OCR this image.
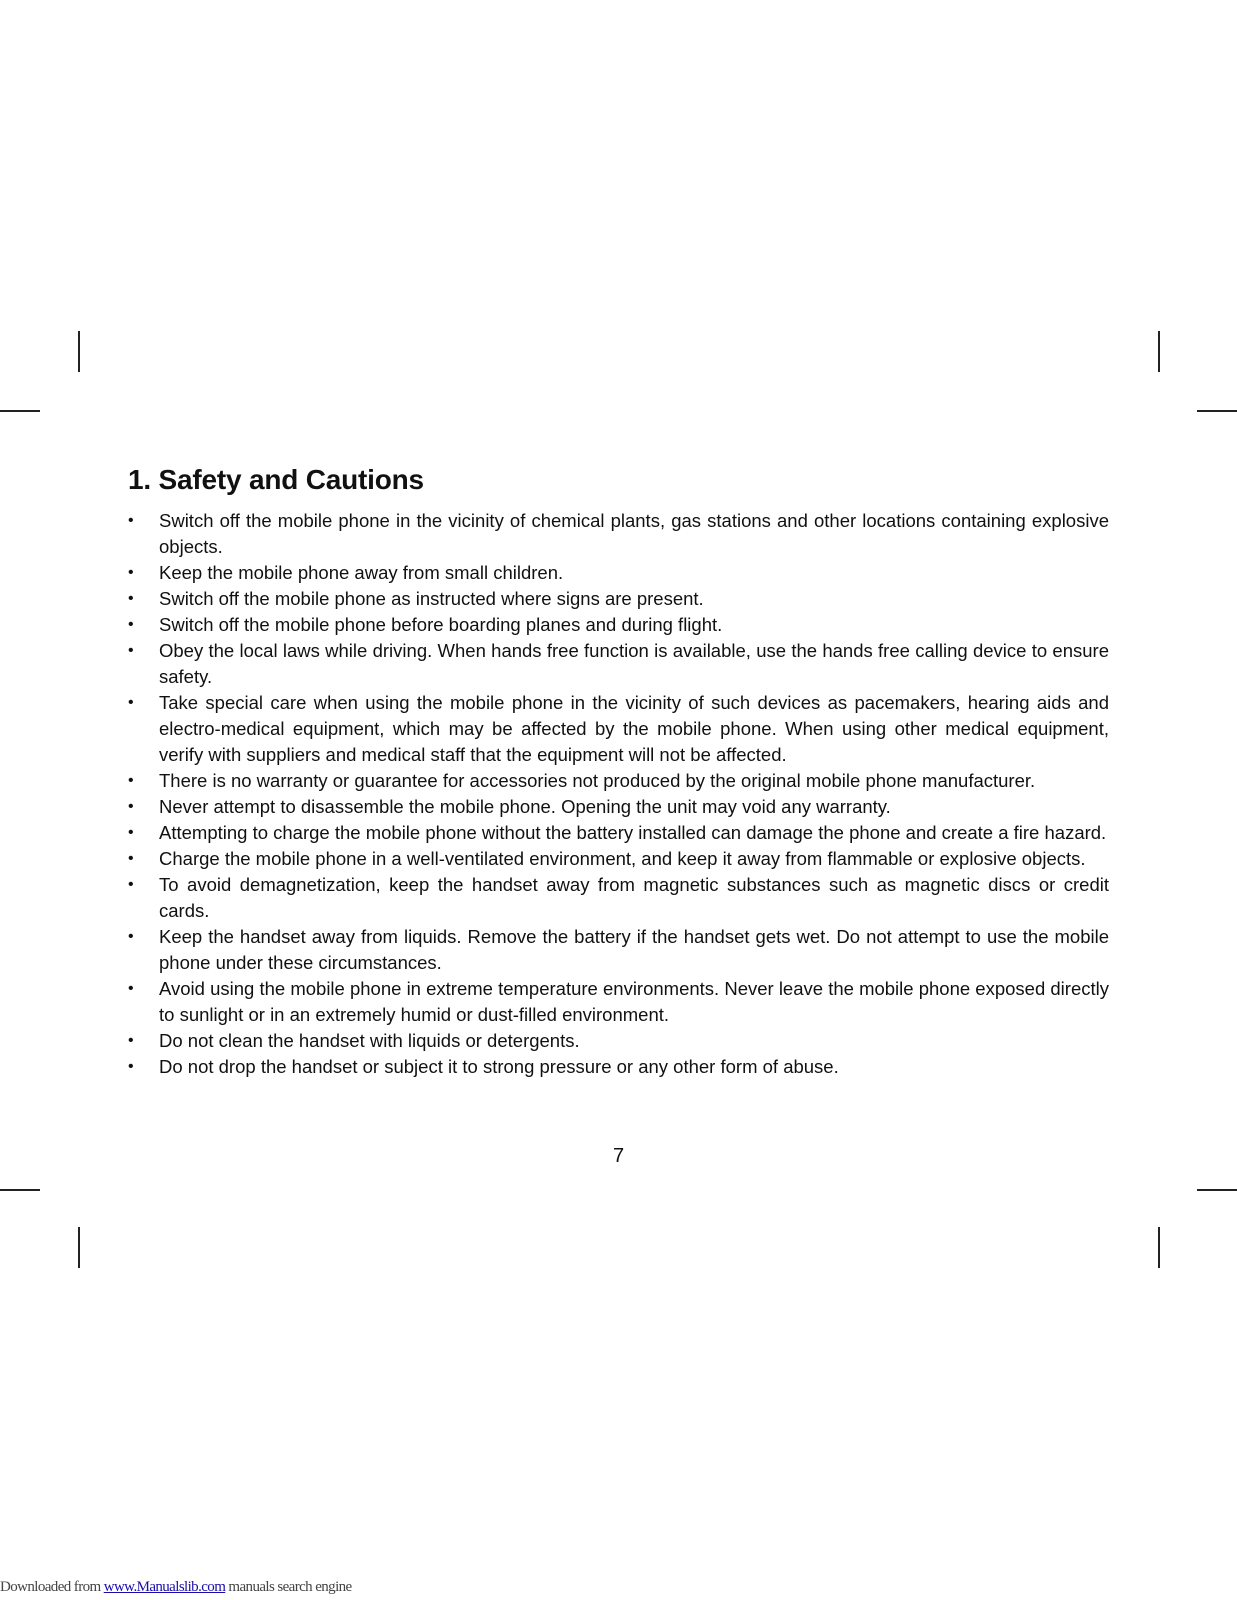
1. Safety and Cautions
•	Switch off the mobile phone in the vicinity of chemical plants, gas stations and other locations containing explosive objects.
•	Keep the mobile phone away from small children.
•	Switch off the mobile phone as instructed where signs are present.
•	Switch off the mobile phone before boarding planes and during flight.
•	Obey the local laws while driving. When hands free function is available, use the hands free calling device to ensure safety.
•	Take special care when using the mobile phone in the vicinity of such devices as pacemakers, hearing aids and electro-medical equipment, which may be affected by the mobile phone. When using other medical equipment, verify with suppliers and medical staff that the equipment will not be affected.
•	There is no warranty or guarantee for accessories not produced by the original mobile phone manufacturer.
•	Never attempt to disassemble the mobile phone. Opening the unit may void any warranty.
•	Attempting to charge the mobile phone without the battery installed can damage the phone and create a fire hazard.
•	Charge the mobile phone in a well-ventilated environment, and keep it away from flammable or explosive objects.
•	To avoid demagnetization, keep the handset away from magnetic substances such as magnetic discs or credit cards.
•	Keep the handset away from liquids. Remove the battery if the handset gets wet. Do not attempt to use the mobile phone under these circumstances.
•	Avoid using the mobile phone in extreme temperature environments. Never leave the mobile phone exposed directly to sunlight or in an extremely humid or dust-filled environment.
•	Do not clean the handset with liquids or detergents.
•	Do not drop the handset or subject it to strong pressure or any other form of abuse.
7
Downloaded from www.Manualslib.com manuals search engine
